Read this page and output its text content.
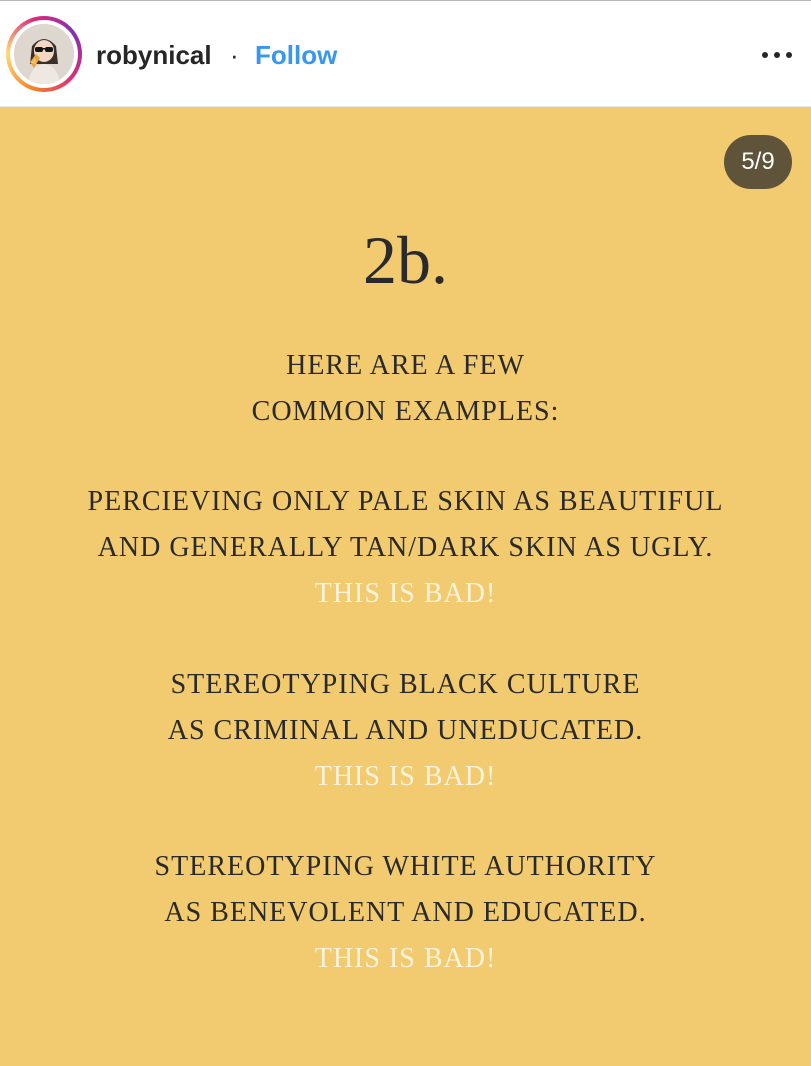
robynical · Follow
5/9
2b.
HERE ARE A FEW
COMMON EXAMPLES:
PERCIEVING ONLY PALE SKIN AS BEAUTIFUL
AND GENERALLY TAN/DARK SKIN AS UGLY.
THIS IS BAD!
STEREOTYPING BLACK CULTURE
AS CRIMINAL AND UNEDUCATED.
THIS IS BAD!
STEREOTYPING WHITE AUTHORITY
AS BENEVOLENT AND EDUCATED.
THIS IS BAD!
